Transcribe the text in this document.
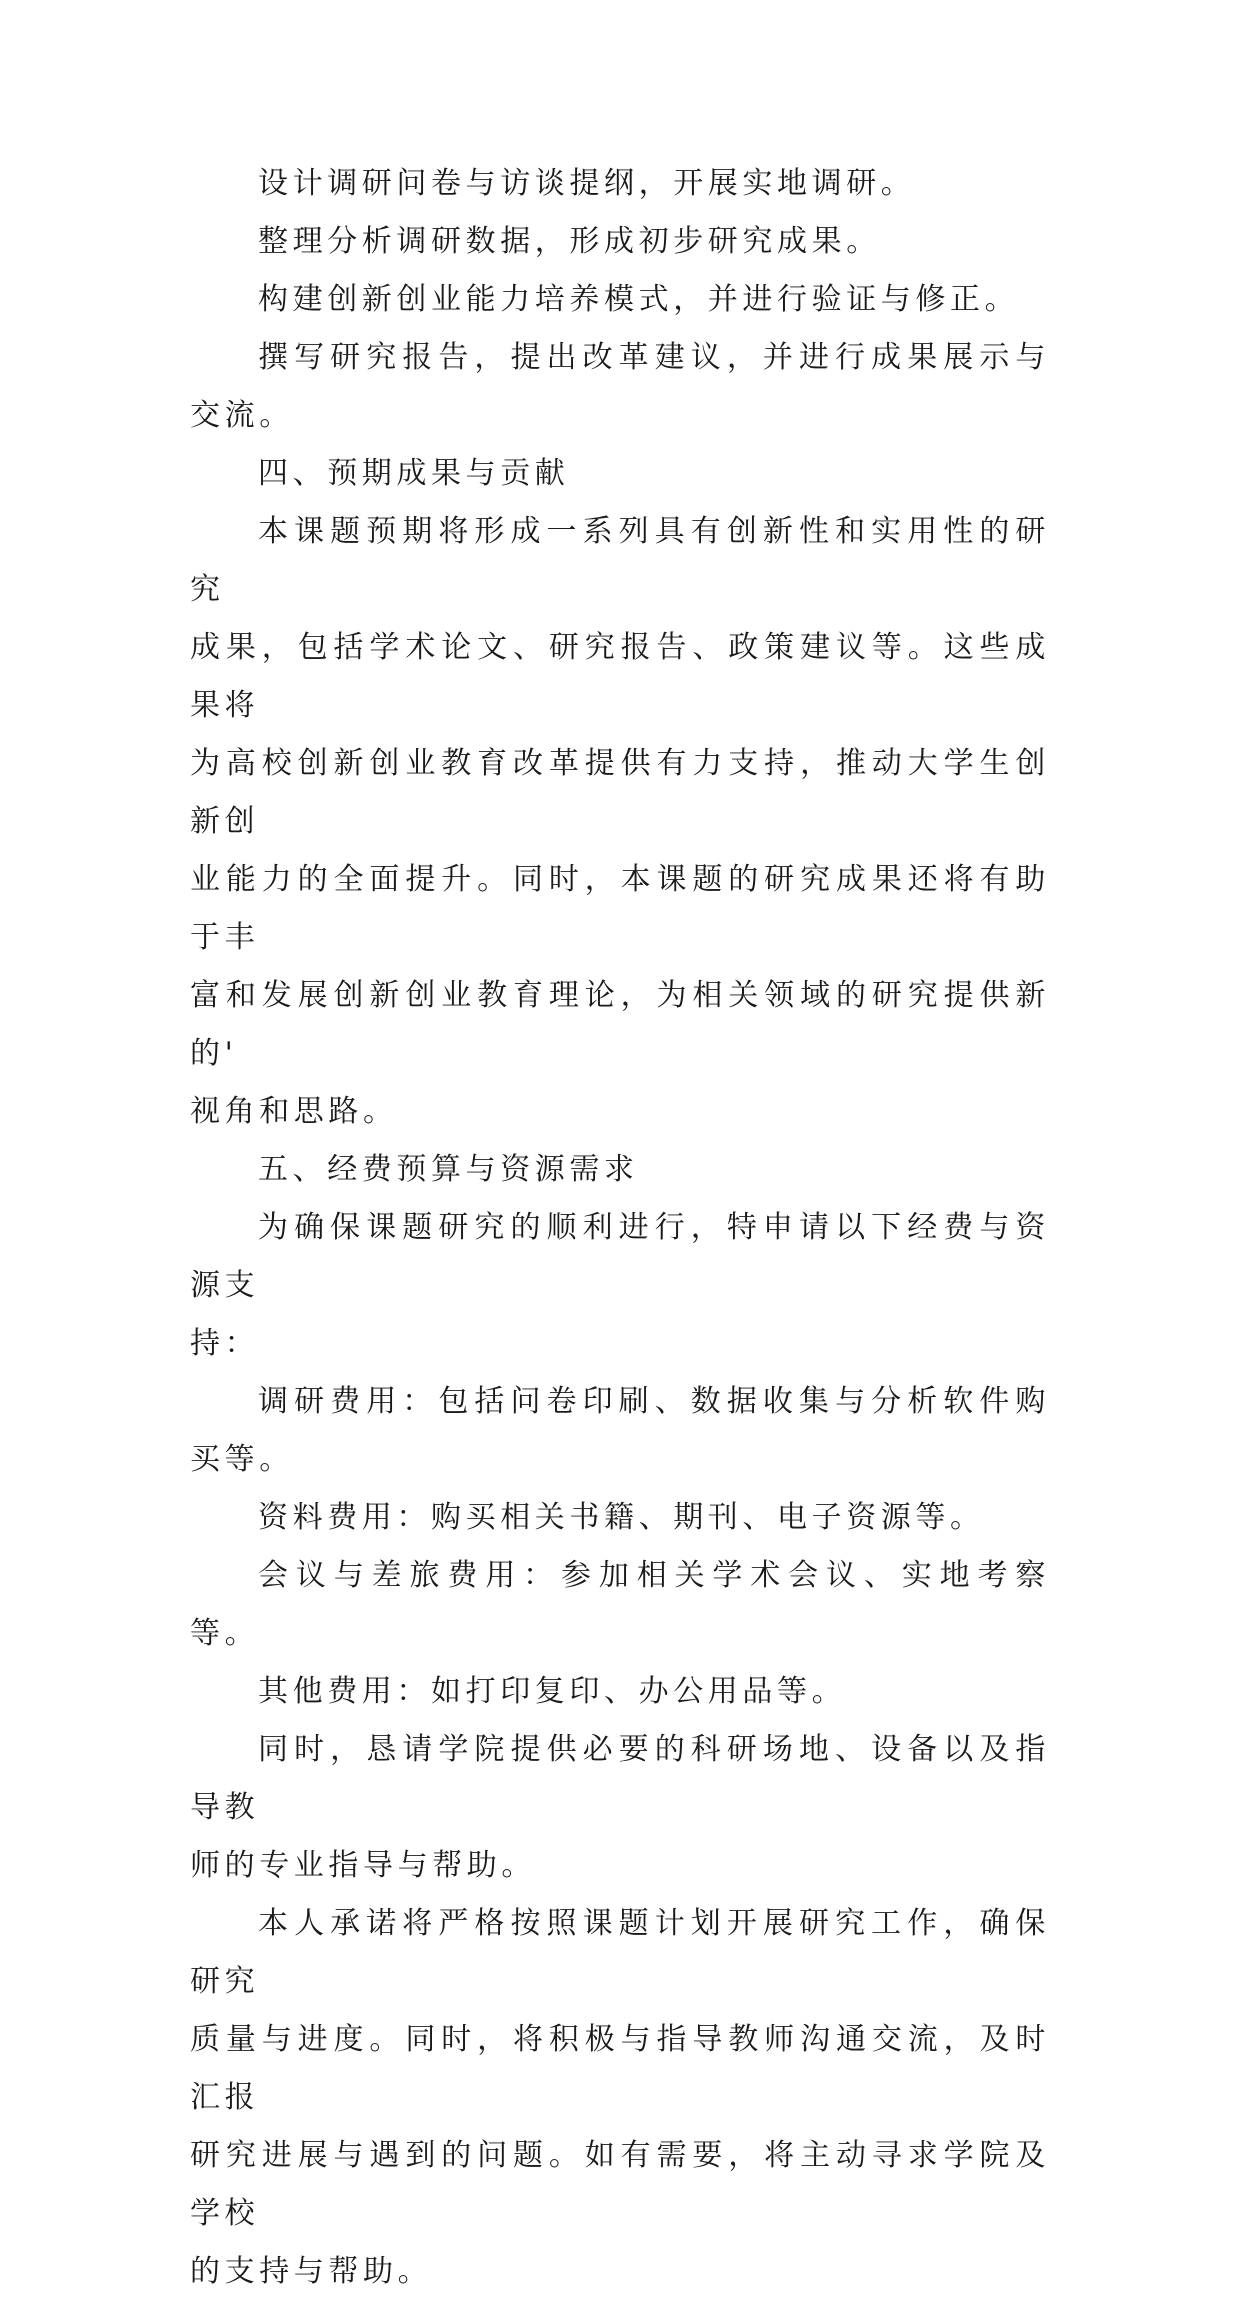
设计调研问卷与访谈提纲，开展实地调研。

整理分析调研数据，形成初步研究成果。

构建创新创业能力培养模式，并进行验证与修正。

撰写研究报告，提出改革建议，并进行成果展示与交流。

四、预期成果与贡献

本课题预期将形成一系列具有创新性和实用性的研究
成果，包括学术论文、研究报告、政策建议等。这些成果将
为高校创新创业教育改革提供有力支持，推动大学生创新创
业能力的全面提升。同时，本课题的研究成果还将有助于丰
富和发展创新创业教育理论，为相关领域的研究提供新的'
视角和思路。

五、经费预算与资源需求

为确保课题研究的顺利进行，特申请以下经费与资源支
持：

调研费用：包括问卷印刷、数据收集与分析软件购买等。

资料费用：购买相关书籍、期刊、电子资源等。

会议与差旅费用：参加相关学术会议、实地考察等。

其他费用：如打印复印、办公用品等。

同时，恳请学院提供必要的科研场地、设备以及指导教
师的专业指导与帮助。

本人承诺将严格按照课题计划开展研究工作，确保研究
质量与进度。同时，将积极与指导教师沟通交流，及时汇报
研究进展与遇到的问题。如有需要，将主动寻求学院及学校
的支持与帮助。
